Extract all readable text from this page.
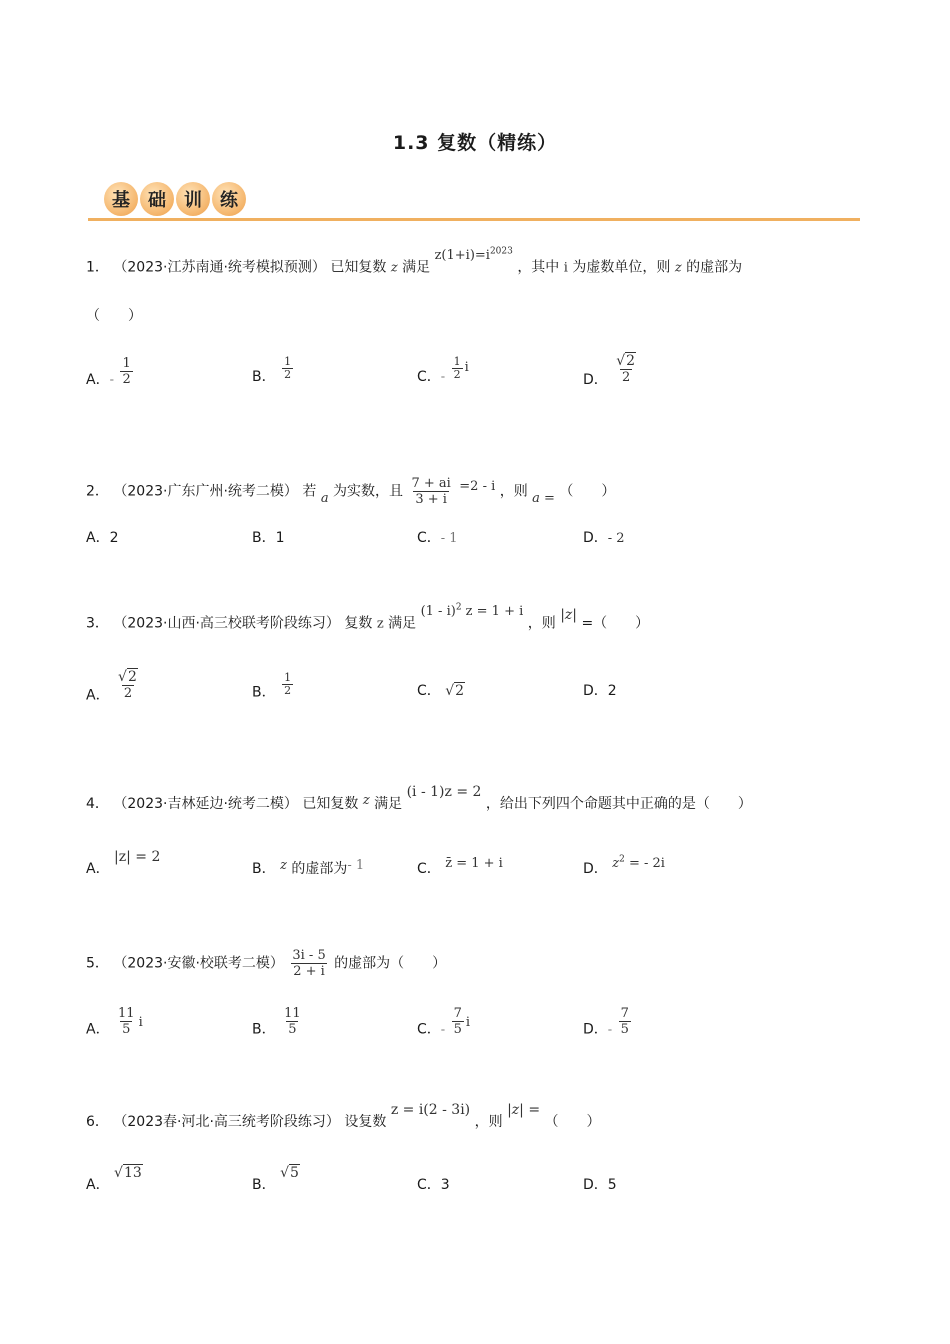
1.3 复数（精练）
基	础	训	练
1． （2023·江苏南通·统考模拟预测） 已知复数 z 满足 $z(1+i)=i^{2023}$ ，其中 i 为虚数单位，则 z 的虚部为
（　　）
A．- $\frac{1}{2}$	B． $\frac{1}{2}$	C．- $\frac{1}{2}$ i
D． $\frac{√2}{2}$
2． （2023·广东广州·统考二模） 若 a 为实数，且 $\frac{7 + ai}{3 + i} =2 - i$ ，则 a = （　　）
A．2	B．1	C．- 1	D．- 2
3． （2023·山西·高三校联考阶段练习） 复数 z 满足 (1 - i)$^2$ z = 1 + i ，则 |z| =（　　）
A． $\frac{√2}{2}$	B． $\frac{1}{2}$	C． √2	D．2
4． （2023·吉林延边·统考二模） 已知复数 z 满足 (i - 1)z = 2 ，给出下列四个命题其中正确的是（　　）
A． |z| = 2
B． z 的虚部为- 1	C． z̄ = 1 + i	D． $z^2$ = - 2i
5． （2023·安徽·校联考二模） $\frac{3i - 5}{2 + i}$ 的虚部为（　　）
A． $\frac{11}{5}$ i	B． $\frac{11}{5}$	C．- $\frac{7}{5}$ i	D．- $\frac{7}{5}$
6． （2023春·河北·高三统考阶段练习） 设复数 z = i(2 - 3i) ，则 |z| = （　　）
A． √13
B． √5
C．3	D．5
